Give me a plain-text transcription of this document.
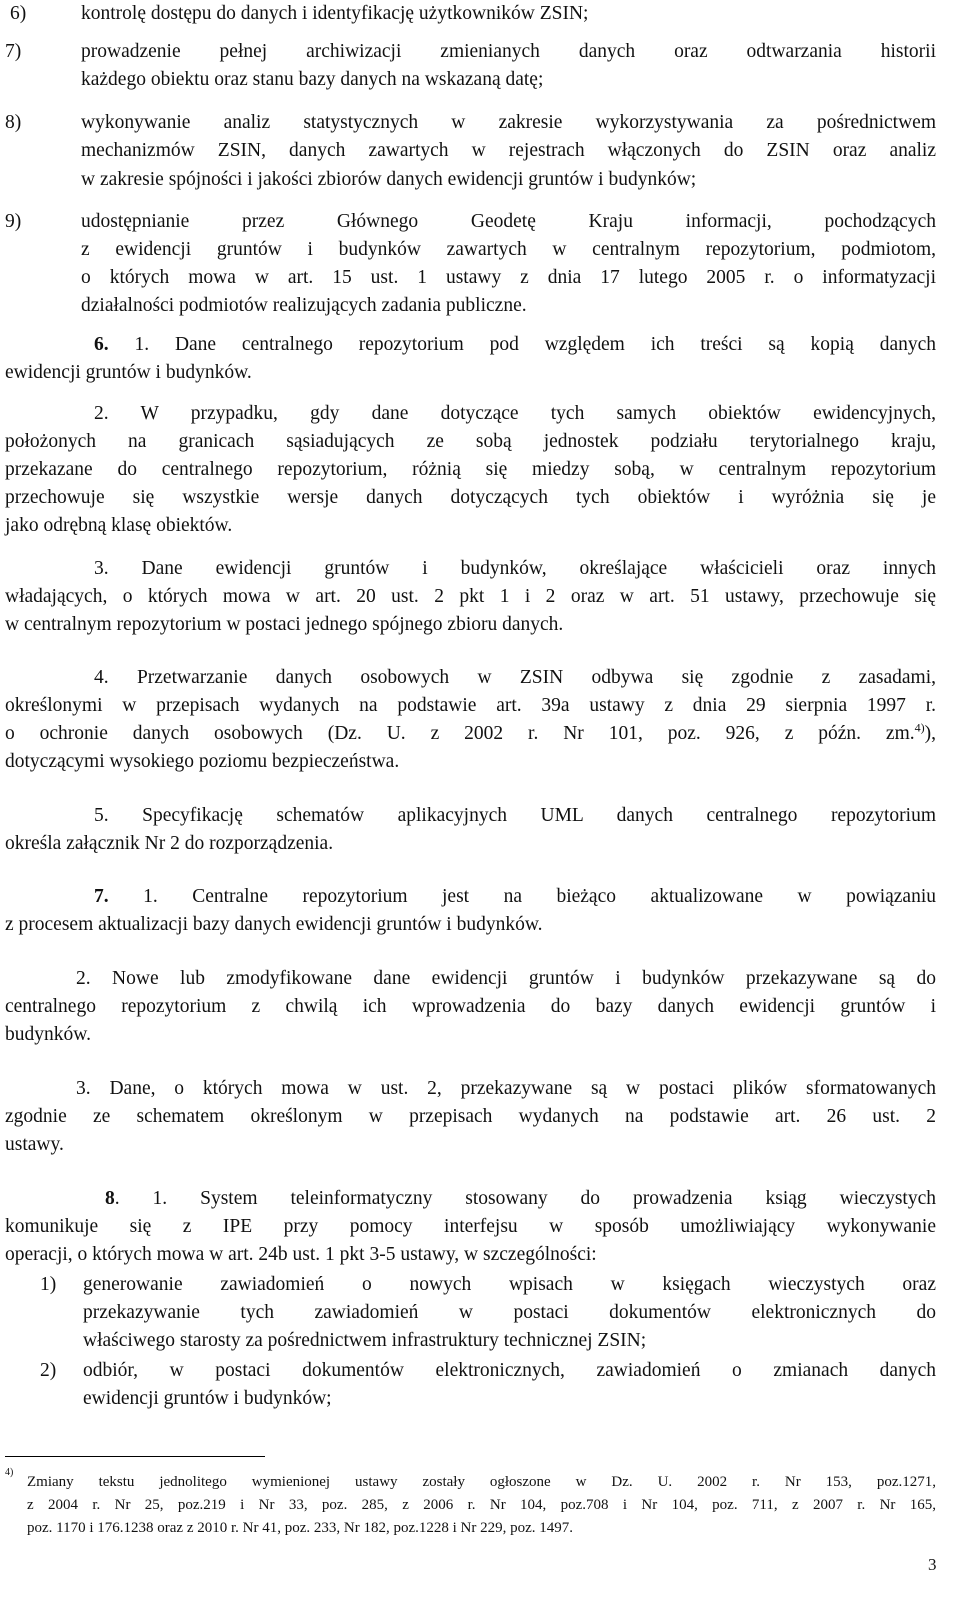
6)	kontrolę dostępu do danych i identyfikację użytkowników ZSIN;
7)	prowadzenie pełnej archiwizacji zmienianych danych oraz odtwarzania historii
każdego obiektu oraz stanu bazy danych na wskazaną datę;
8)	wykonywanie analiz statystycznych w zakresie wykorzystywania za pośrednictwem
mechanizmów ZSIN, danych zawartych w rejestrach włączonych do ZSIN oraz analiz
w zakresie spójności i jakości zbiorów danych ewidencji gruntów i budynków;
9)	udostępnianie przez Głównego Geodetę Kraju informacji, pochodzących
z ewidencji gruntów i budynków zawartych w centralnym repozytorium, podmiotom,
o których mowa w art. 15 ust. 1 ustawy z dnia 17 lutego 2005 r. o informatyzacji
działalności podmiotów realizujących zadania publiczne.
6. 1. Dane centralnego repozytorium pod względem ich treści są kopią danych
ewidencji gruntów i budynków.
2. W przypadku, gdy dane dotyczące tych samych obiektów ewidencyjnych,
położonych na granicach sąsiadujących ze sobą jednostek podziału terytorialnego kraju,
przekazane do centralnego repozytorium, różnią się miedzy sobą, w centralnym repozytorium
przechowuje się wszystkie wersje danych dotyczących tych obiektów i wyróżnia się je
jako odrębną klasę obiektów.
3. Dane ewidencji gruntów i budynków, określające właścicieli oraz innych
władających, o których mowa w art. 20 ust. 2 pkt 1 i 2 oraz w art. 51 ustawy, przechowuje się
w centralnym repozytorium w postaci jednego spójnego zbioru danych.
4. Przetwarzanie danych osobowych w ZSIN odbywa się zgodnie z zasadami,
określonymi w przepisach wydanych na podstawie art. 39a ustawy z dnia 29 sierpnia 1997 r.
o ochronie danych osobowych (Dz. U. z 2002 r. Nr 101, poz. 926, z późn. zm.$^{4)}$),
dotyczącymi wysokiego poziomu bezpieczeństwa.
5. Specyfikację schematów aplikacyjnych UML danych centralnego repozytorium
określa załącznik Nr 2 do rozporządzenia.
7. 1. Centralne repozytorium jest na bieżąco aktualizowane w powiązaniu
z procesem aktualizacji bazy danych ewidencji gruntów i budynków.
2. Nowe lub zmodyfikowane dane ewidencji gruntów i budynków przekazywane są do
centralnego repozytorium z chwilą ich wprowadzenia do bazy danych ewidencji gruntów i
budynków.
3. Dane, o których mowa w ust. 2, przekazywane są w postaci plików sformatowanych
zgodnie ze schematem określonym w przepisach wydanych na podstawie art. 26 ust. 2
ustawy.
8. 1. System teleinformatyczny stosowany do prowadzenia ksiąg wieczystych
komunikuje się z IPE przy pomocy interfejsu w sposób umożliwiający wykonywanie
operacji, o których mowa w art. 24b ust. 1 pkt 3-5 ustawy, w szczególności:
1) generowanie zawiadomień o nowych wpisach w księgach wieczystych oraz
przekazywanie tych zawiadomień w postaci dokumentów elektronicznych do
właściwego starosty za pośrednictwem infrastruktury technicznej ZSIN;
2) odbiór, w postaci dokumentów elektronicznych, zawiadomień o zmianach danych
ewidencji gruntów i budynków;
4)
Zmiany tekstu jednolitego wymienionej ustawy zostały ogłoszone w Dz. U. 2002 r. Nr 153, poz.1271,
z 2004 r. Nr 25, poz.219 i Nr 33, poz. 285, z 2006 r. Nr 104, poz.708 i Nr 104, poz. 711, z 2007 r. Nr 165,
poz. 1170 i 176.1238 oraz z 2010 r. Nr 41, poz. 233, Nr 182, poz.1228 i Nr 229, poz. 1497.
3
